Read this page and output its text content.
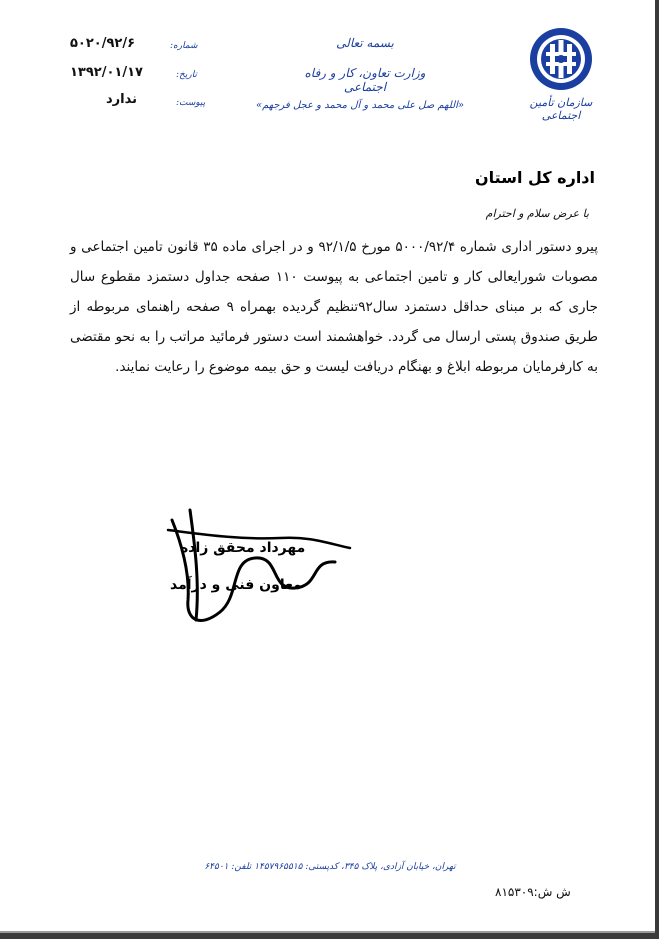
سازمان تأمین اجتماعی
بسمه تعالی
وزارت تعاون، کار و رفاه اجتماعی
«اللهم صل علی محمد و آل محمد و عجل فرجهم»
شماره:
تاریخ:
پیوست:
۵۰۲۰/۹۲/۶
۱۳۹۲/۰۱/۱۷
ندارد
اداره کل استان
با عرض سلام و احترام
پیرو دستور اداری شماره ۵۰۰۰/۹۲/۴ مورخ ۹۲/۱/۵ و در اجرای ماده ۳۵ قانون تامین اجتماعی و مصوبات شورایعالی کار و تامین اجتماعی به پیوست ۱۱۰ صفحه جداول دستمزد مقطوع سال جاری که بر مبنای حداقل دستمزد سال۹۲تنظیم گردیده بهمراه ۹ صفحه راهنمای مربوطه از طریق صندوق پستی ارسال می گردد. خواهشمند است دستور فرمائید مراتب را به نحو مقتضی به کارفرمایان مربوطه ابلاغ و بهنگام دریافت لیست و حق بیمه موضوع را رعایت نمایند.
مهرداد محقق زاده
معاون فنی و درآمد
تهران، خیابان آزادی، پلاک ۳۴۵، کدپستی: ۱۴۵۷۹۶۵۵۱۵ تلفن: ۶۴۵۰۱
ش ش:۸۱۵۳۰۹
